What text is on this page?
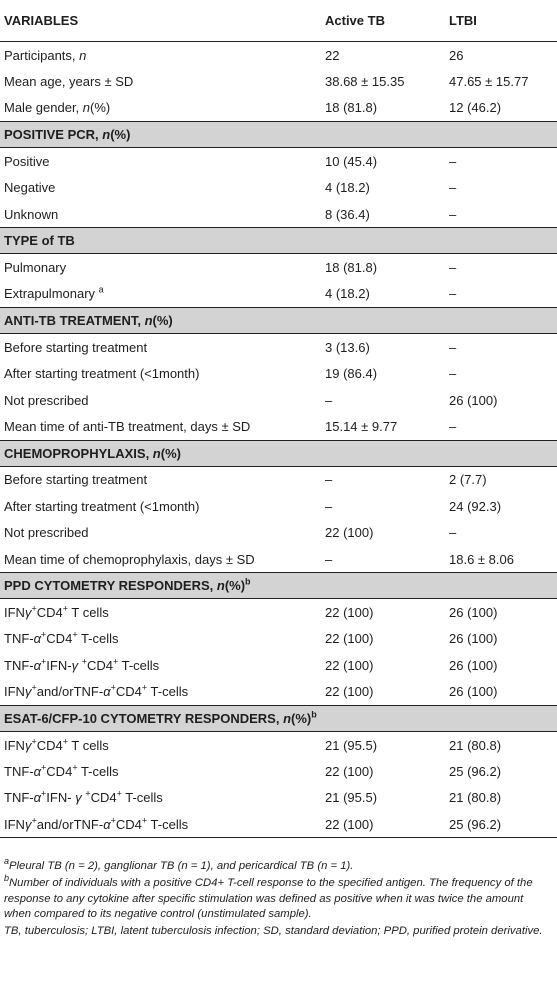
VARIABLES	Active TB	LTBI
Participants, n	22	26
Mean age, years ± SD	38.68 ± 15.35	47.65 ± 15.77
Male gender, n(%)	18 (81.8)	12 (46.2)
POSITIVE PCR, n(%)
Positive	10 (45.4)	–
Negative	4 (18.2)	–
Unknown	8 (36.4)	–
TYPE of TB
Pulmonary	18 (81.8)	–
Extrapulmonary $^a$	4 (18.2)	–
ANTI-TB TREATMENT, n(%)
Before starting treatment	3 (13.6)	–
After starting treatment (<1month)	19 (86.4)	–
Not prescribed	–	26 (100)
Mean time of anti-TB treatment, days ± SD	15.14 ± 9.77	–
CHEMOPROPHYLAXIS, n(%)
Before starting treatment	–	2 (7.7)
After starting treatment (<1month)	–	24 (92.3)
Not prescribed	22 (100)	–
Mean time of chemoprophylaxis, days ± SD	–	18.6 ± 8.06
PPD CYTOMETRY RESPONDERS, n(%)$^b$
IFNγ+CD4+ T cells	22 (100)	26 (100)
TNF-α+CD4+ T-cells	22 (100)	26 (100)
TNF-α+IFN-γ +CD4+ T-cells	22 (100)	26 (100)
IFNγ+and/orTNF-α+CD4+ T-cells	22 (100)	26 (100)
ESAT-6/CFP-10 CYTOMETRY RESPONDERS, n(%)$^b$
IFNγ+CD4+ T cells	21 (95.5)	21 (80.8)
TNF-α+CD4+ T-cells	22 (100)	25 (96.2)
TNF-α+IFN- γ +CD4+ T-cells	21 (95.5)	21 (80.8)
IFNγ+and/orTNF-α+CD4+ T-cells	22 (100)	25 (96.2)

$^a$Pleural TB (n = 2), ganglionar TB (n = 1), and pericardical TB (n = 1).

$^b$Number of individuals with a positive CD4+ T-cell response to the specified antigen. The frequency of the response to any cytokine after specific stimulation was defined as positive when it was twice the amount when compared to its negative control (unstimulated sample).

TB, tuberculosis; LTBI, latent tuberculosis infection; SD, standard deviation; PPD, purified protein derivative.
